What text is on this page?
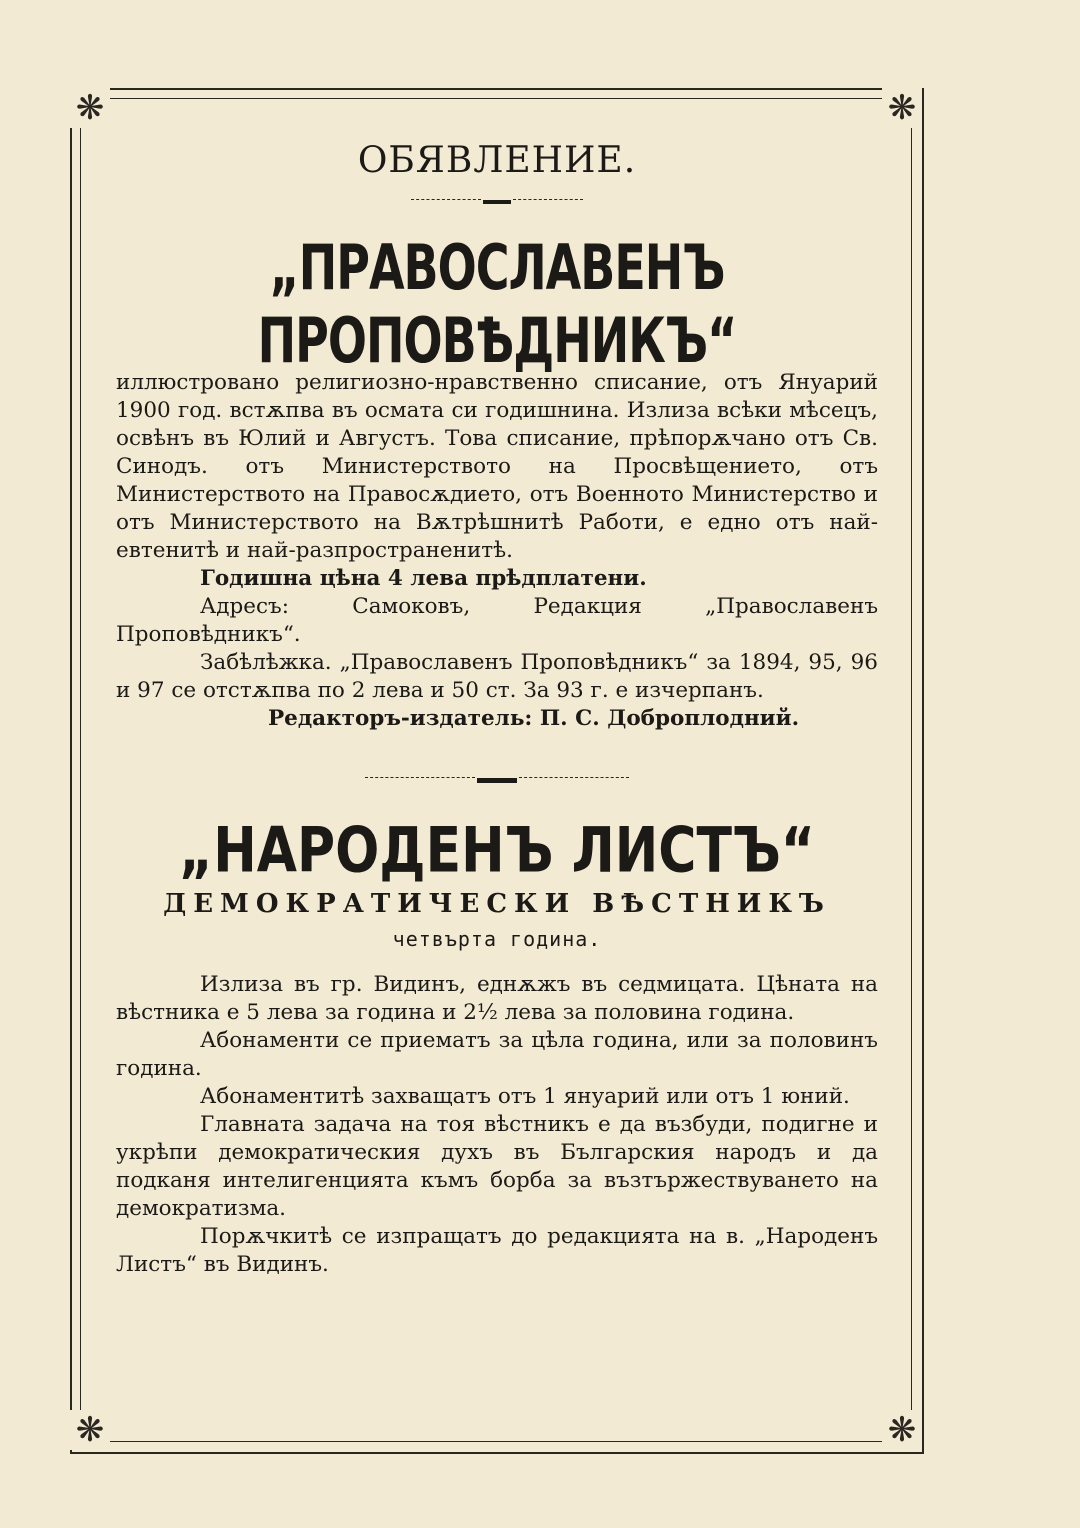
❋	❋
❋	❋
ОБЯВЛЕНИЕ.
„ПРАВОСЛАВЕНЪ ПРОПОВѢДНИКЪ“

иллюстровано религиозно-нравственно списание, отъ Януарий 1900 год. встѫпва въ осмата си годишнина. Излиза всѣки мѣсецъ, освѣнъ въ Юлий и Августъ. Това списание, прѣпорѫчано отъ Св. Синодъ. отъ Министерството на Просвѣщението, отъ Министерството на Правосѫдието, отъ Военното Министерство и отъ Министерството на Вѫтрѣшнитѣ Работи, е едно отъ най-евтенитѣ и най-разпространенитѣ.

Годишна цѣна 4 лева прѣдплатени.

Адресъ: Самоковъ, Редакция „Православенъ Проповѣдникъ“.

Забѣлѣжка. „Православенъ Проповѣдникъ“ за 1894, 95, 96 и 97 се отстѫпва по 2 лева и 50 ст. За 93 г. е изчерпанъ.

Редакторъ-издатель: П. С. Доброплодний.

„НАРОДЕНЪ ЛИСТЪ“
ДЕМОКРАТИЧЕСКИ ВѢСТНИКЪ
четвърта година.

Излиза въ гр. Видинъ, еднѫжъ въ седмицата. Цѣната на вѣстника е 5 лева за година и 2½ лева за половина година.

Абонаменти се приематъ за цѣла година, или за половинъ година.

Абонаментитѣ захващатъ отъ 1 януарий или отъ 1 юний.

Главната задача на тоя вѣстникъ е да възбуди, подигне и укрѣпи демократическия духъ въ Българския народъ и да подканя интелигенцията къмъ борба за възтържествуването на демократизма.

Порѫчкитѣ се изпращатъ до редакцията на в. „Народенъ Листъ“ въ Видинъ.
